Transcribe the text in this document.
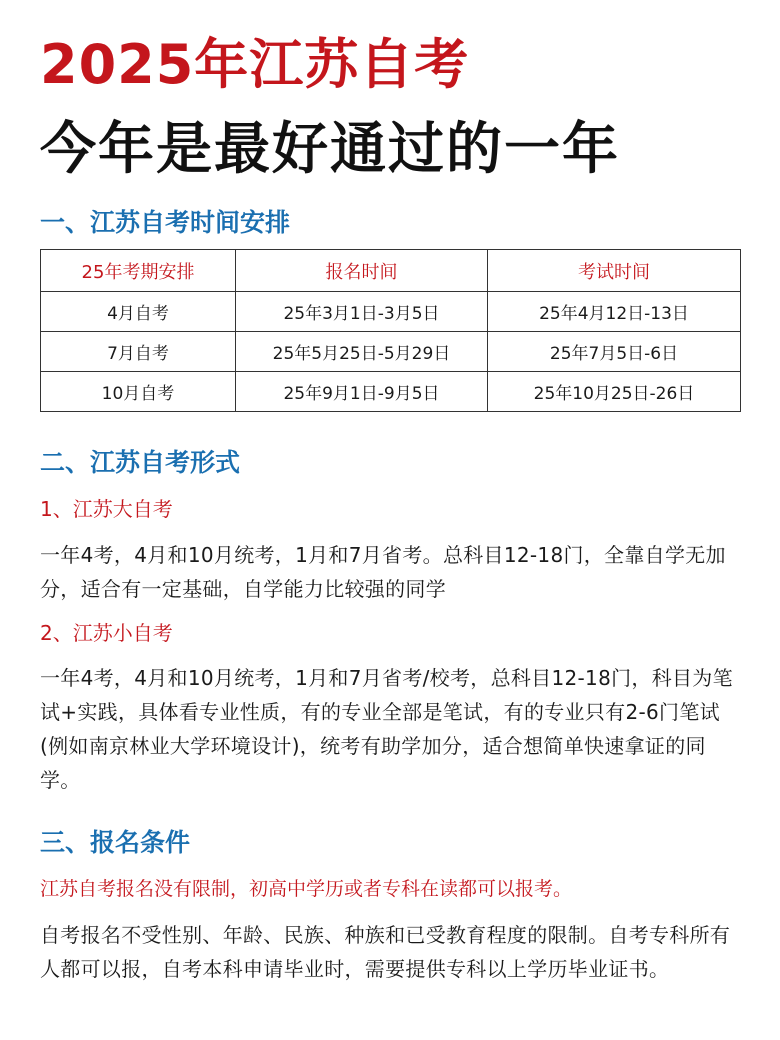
2025年江苏自考
今年是最好通过的一年
一、江苏自考时间安排
25年考期安排	报名时间	考试时间
4月自考	25年3月1日-3月5日	25年4月12日-13日
7月自考	25年5月25日-5月29日	25年7月5日-6日
10月自考	25年9月1日-9月5日	25年10月25日-26日
二、江苏自考形式
1、江苏大自考
一年4考，4月和10月统考，1月和7月省考。总科目12-18门，全靠自学无加分，适合有一定基础，自学能力比较强的同学
2、江苏小自考
一年4考，4月和10月统考，1月和7月省考/校考，总科目12-18门，科目为笔试+实践，具体看专业性质，有的专业全部是笔试，有的专业只有2-6门笔试(例如南京林业大学环境设计)，统考有助学加分，适合想简单快速拿证的同学。
三、报名条件
江苏自考报名没有限制，初高中学历或者专科在读都可以报考。
自考报名不受性别、年龄、民族、种族和已受教育程度的限制。自考专科所有人都可以报，自考本科申请毕业时，需要提供专科以上学历毕业证书。
